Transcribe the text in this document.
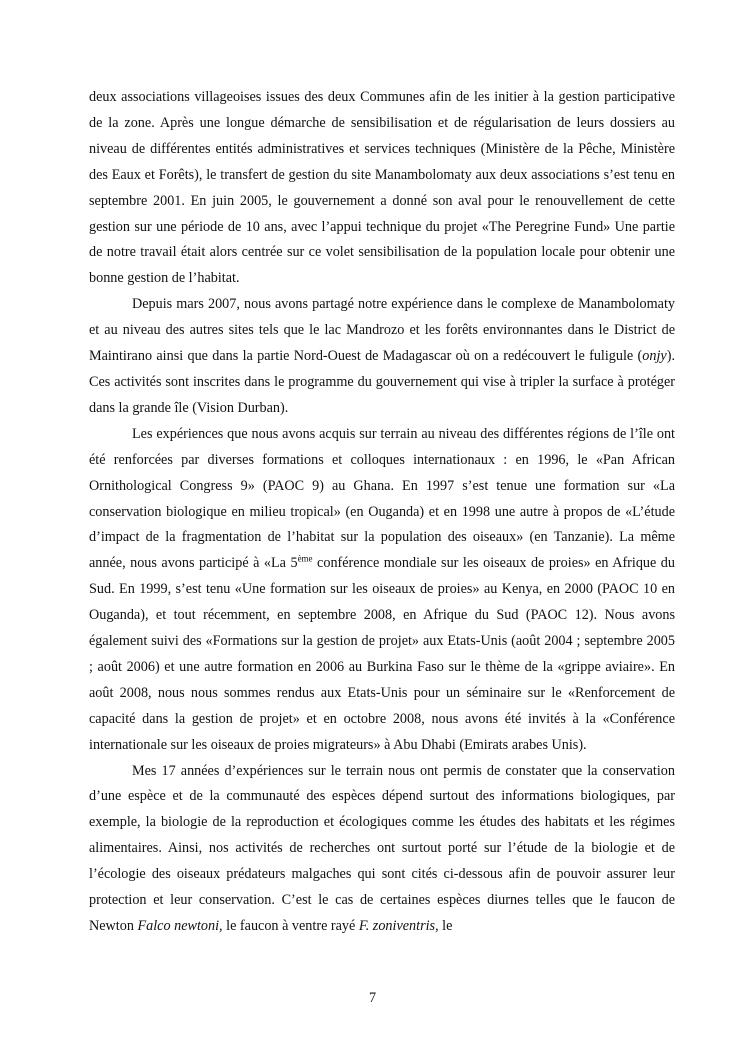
deux associations villageoises issues des deux Communes afin de les initier à la gestion participative de la zone. Après une longue démarche de sensibilisation et de régularisation de leurs dossiers au niveau de différentes entités administratives et services techniques (Ministère de la Pêche, Ministère des Eaux et Forêts), le transfert de gestion du site Manambolomaty aux deux associations s’est tenu en septembre 2001. En juin 2005, le gouvernement a donné son aval pour le renouvellement de cette gestion sur une période de 10 ans, avec l’appui technique du projet «The Peregrine Fund» Une partie de notre travail était alors centrée sur ce volet sensibilisation de la population locale pour obtenir une bonne gestion de l’habitat.

Depuis mars 2007, nous avons partagé notre expérience dans le complexe de Manambolomaty et au niveau des autres sites tels que le lac Mandrozo et les forêts environnantes dans le District de Maintirano ainsi que dans la partie Nord-Ouest de Madagascar où on a redécouvert le fuligule (onjy). Ces activités sont inscrites dans le programme du gouvernement qui vise à tripler la surface à protéger dans la grande île (Vision Durban).

Les expériences que nous avons acquis sur terrain au niveau des différentes régions de l’île ont été renforcées par diverses formations et colloques internationaux : en 1996, le «Pan African Ornithological Congress 9» (PAOC 9) au Ghana. En 1997 s’est tenue une formation sur «La conservation biologique en milieu tropical» (en Ouganda) et en 1998 une autre à propos de «L’étude d’impact de la fragmentation de l’habitat sur la population des oiseaux» (en Tanzanie). La même année, nous avons participé à «La 5ème conférence mondiale sur les oiseaux de proies» en Afrique du Sud. En 1999, s’est tenu «Une formation sur les oiseaux de proies» au Kenya, en 2000 (PAOC 10 en Ouganda), et tout récemment, en septembre 2008, en Afrique du Sud (PAOC 12). Nous avons également suivi des «Formations sur la gestion de projet» aux Etats-Unis (août 2004 ; septembre 2005 ; août 2006) et une autre formation en 2006 au Burkina Faso sur le thème de la «grippe aviaire». En août 2008, nous nous sommes rendus aux Etats-Unis pour un séminaire sur le «Renforcement de capacité dans la gestion de projet» et en octobre 2008, nous avons été invités à la «Conférence internationale sur les oiseaux de proies migrateurs» à Abu Dhabi (Emirats arabes Unis).

Mes 17 années d’expériences sur le terrain nous ont permis de constater que la conservation d’une espèce et de la communauté des espèces dépend surtout des informations biologiques, par exemple, la biologie de la reproduction et écologiques comme les études des habitats et les régimes alimentaires. Ainsi, nos activités de recherches ont surtout porté sur l’étude de la biologie et de l’écologie des oiseaux prédateurs malgaches qui sont cités ci-dessous afin de pouvoir assurer leur protection et leur conservation. C’est le cas de certaines espèces diurnes telles que le faucon de Newton Falco newtoni, le faucon à ventre rayé F. zoniventris, le

7
